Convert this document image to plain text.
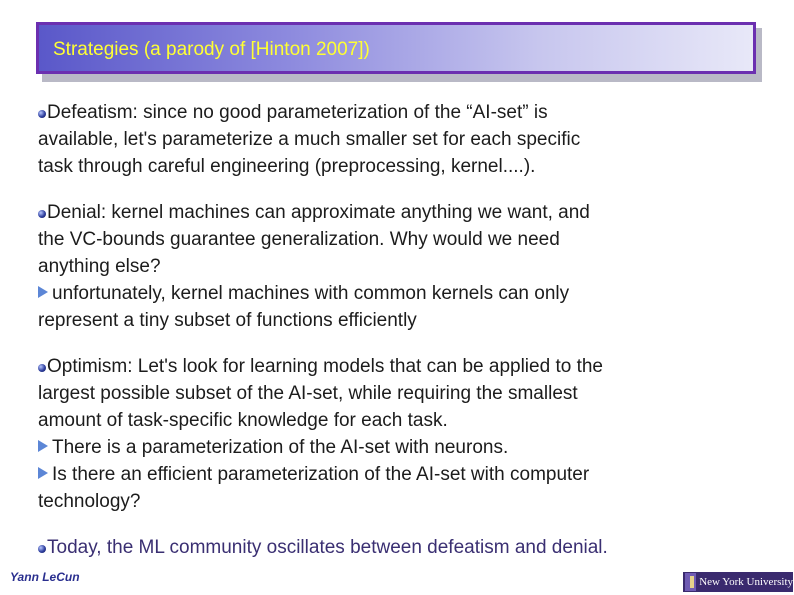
Strategies (a parody of [Hinton 2007])
Defeatism: since no good parameterization of the “AI-set” is
available, let's parameterize a much smaller set for each specific
task through careful engineering (preprocessing, kernel....).
Denial: kernel machines can approximate anything we want, and
the VC-bounds guarantee generalization. Why would we need
anything else?
unfortunately, kernel machines with common kernels can only
represent a tiny subset of functions efficiently
Optimism: Let's look for learning models that can be applied to the
largest possible subset of the AI-set, while requiring the smallest
amount of task-specific knowledge for each task.
There is a parameterization of the AI-set with neurons.
Is there an efficient parameterization of the AI-set with computer
technology?
Today, the ML community oscillates between defeatism and denial.
Yann LeCun	New York University
